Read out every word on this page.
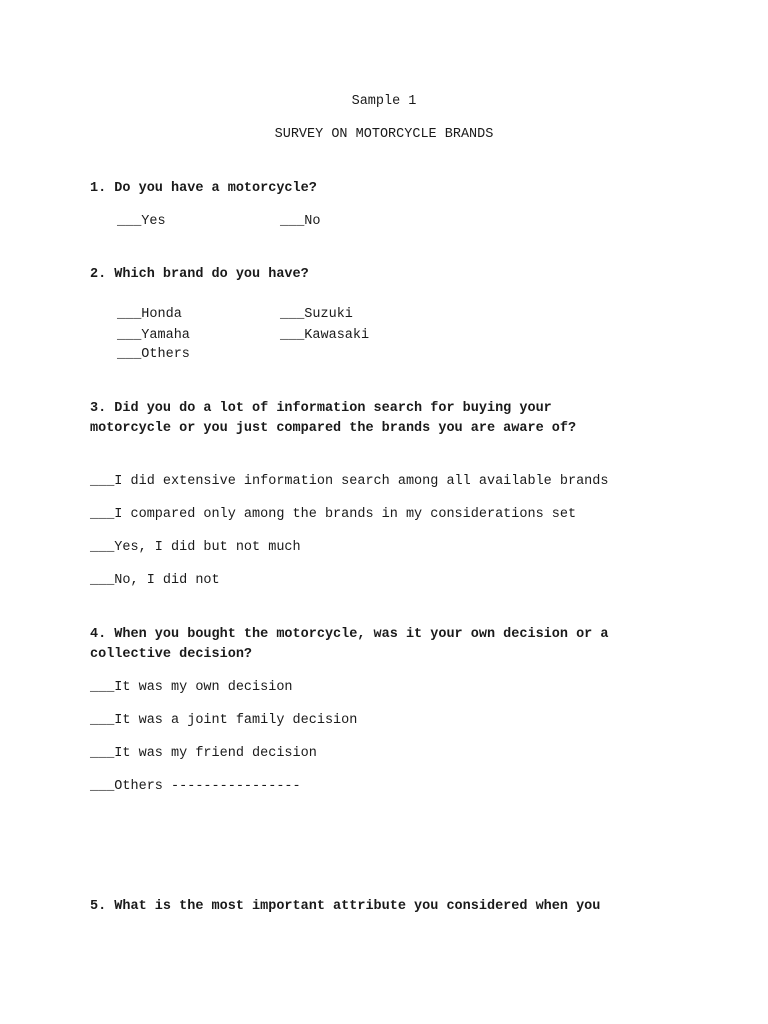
Sample 1
SURVEY ON MOTORCYCLE BRANDS
1. Do you have a motorcycle?
___Yes	___No
2. Which brand do you have?
___Honda	___Suzuki
___Yamaha	___Kawasaki
___Others
3. Did you do a lot of information search for buying your
motorcycle or you just compared the brands you are aware of?
___I did extensive information search among all available brands
___I compared only among the brands in my considerations set
___Yes, I did but not much
___No, I did not
4. When you bought the motorcycle, was it your own decision or a
collective decision?
___It was my own decision
___It was a joint family decision
___It was my friend decision
___Others ----------------
5. What is the most important attribute you considered when you
